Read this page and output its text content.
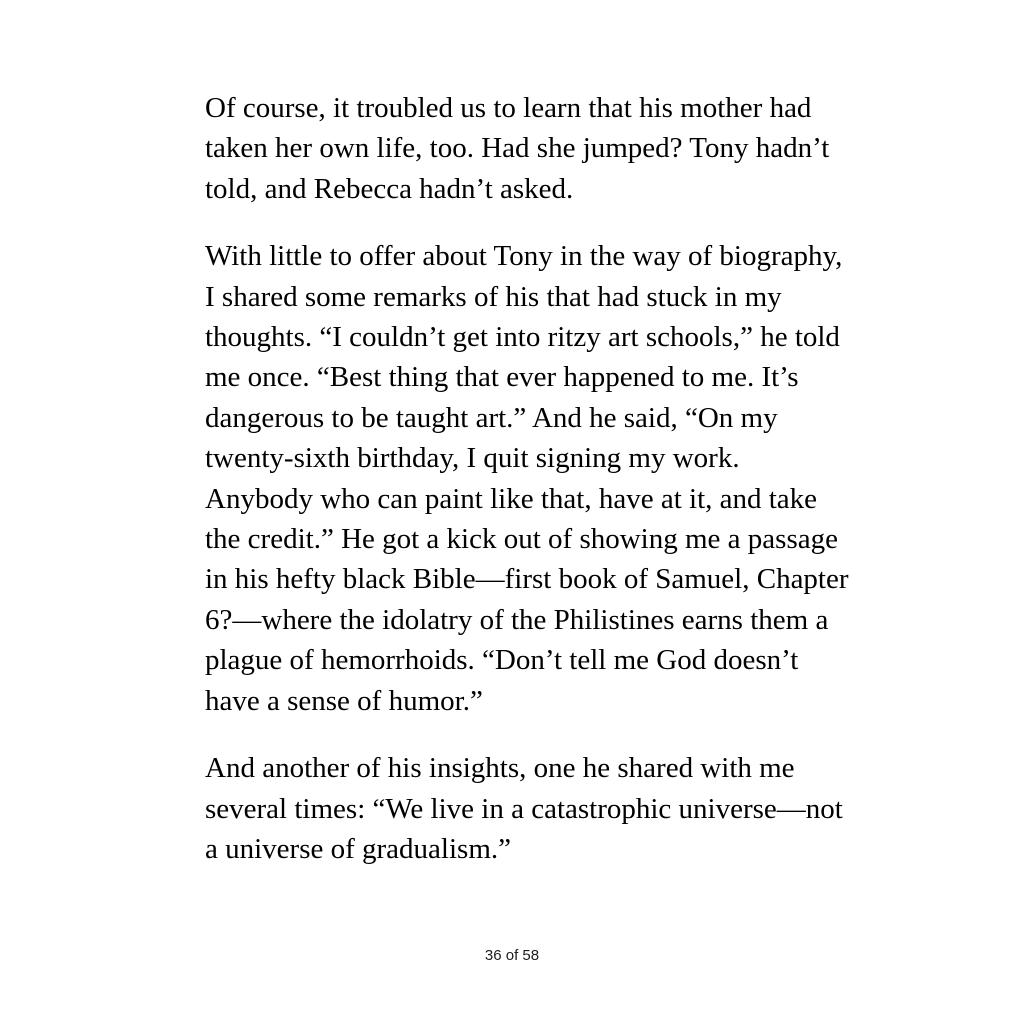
Of course, it troubled us to learn that his mother had
taken her own life, too. Had she jumped? Tony hadn’t
told, and Rebecca hadn’t asked.
With little to offer about Tony in the way of biography,
I shared some remarks of his that had stuck in my
thoughts. “I couldn’t get into ritzy art schools,” he told
me once. “Best thing that ever happened to me. It’s
dangerous to be taught art.” And he said, “On my
twenty-sixth birthday, I quit signing my work.
Anybody who can paint like that, have at it, and take
the credit.” He got a kick out of showing me a passage
in his hefty black Bible—first book of Samuel, Chapter
6?—where the idolatry of the Philistines earns them a
plague of hemorrhoids. “Don’t tell me God doesn’t
have a sense of humor.”
And another of his insights, one he shared with me
several times: “We live in a catastrophic universe—not
a universe of gradualism.”
36 of 58
